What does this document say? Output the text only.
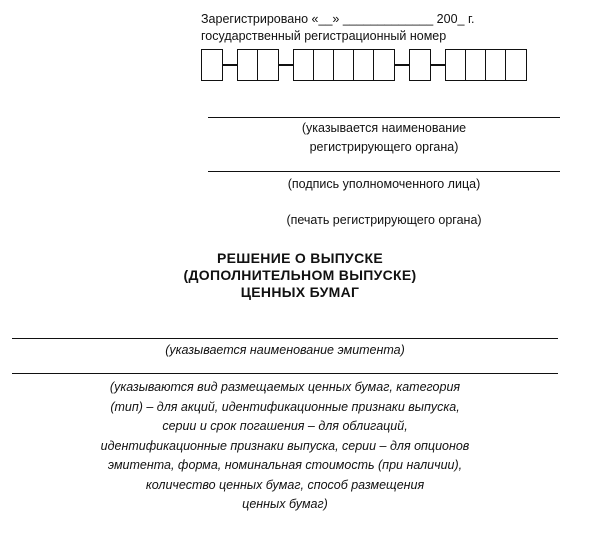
Зарегистрировано «__» _____________ 200_ г.
государственный регистрационный номер
(указывается наименование
регистрирующего органа)
(подпись уполномоченного лица)
(печать регистрирующего органа)
РЕШЕНИЕ О ВЫПУСКЕ
(ДОПОЛНИТЕЛЬНОМ ВЫПУСКЕ)
ЦЕННЫХ БУМАГ
(указывается наименование эмитента)
(указываются вид размещаемых ценных бумаг, категория
(тип) – для акций, идентификационные признаки выпуска,
серии и срок погашения – для облигаций,
идентификационные признаки выпуска, серии – для опционов
эмитента, форма, номинальная стоимость (при наличии),
количество ценных бумаг, способ размещения
ценных бумаг)
